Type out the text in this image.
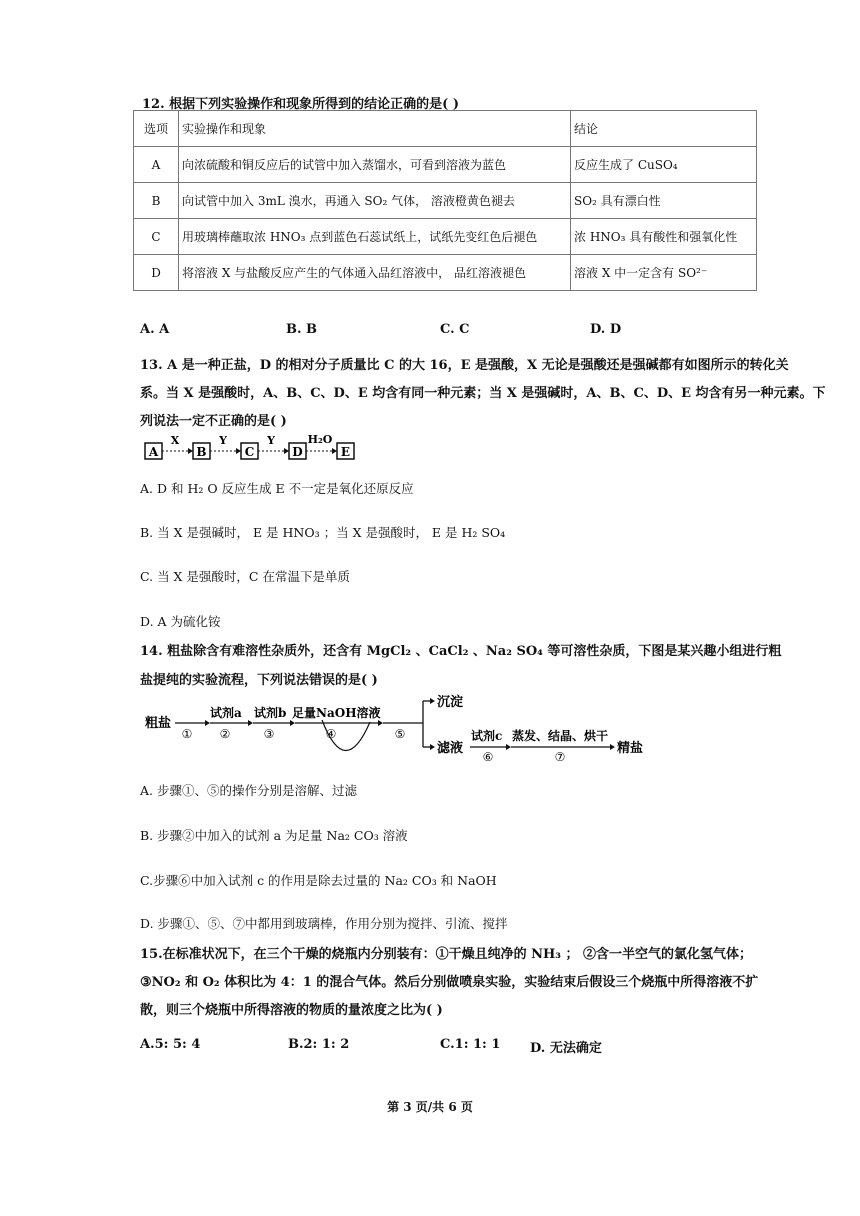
12. 根据下列实验操作和现象所得到的结论正确的是( )
选项	实验操作和现象	结论
A	向浓硫酸和铜反应后的试管中加入蒸馏水，可看到溶液为蓝色	反应生成了 CuSO₄
B	向试管中加入 3mL 溴水，再通入 SO₂ 气体， 溶液橙黄色褪去	SO₂ 具有漂白性
C	用玻璃棒蘸取浓 HNO₃ 点到蓝色石蕊试纸上，试纸先变红色后褪色	浓 HNO₃ 具有酸性和强氧化性
D	将溶液 X 与盐酸反应产生的气体通入品红溶液中， 品红溶液褪色	溶液 X 中一定含有 SO²⁻
A. A	B. B	C. C	D. D
13. A 是一种正盐，D 的相对分子质量比 C 的大 16，E 是强酸，X 无论是强酸还是强碱都有如图所示的转化关
系。当 X 是强酸时，A、B、C、D、E 均含有同一种元素；当 X 是强碱时，A、B、C、D、E 均含有另一种元素。下
列说法一定不正确的是( )
A
X
B
Y
C
Y
D
H₂O
E
A. D 和 H₂ O 反应生成 E 不一定是氧化还原反应
B. 当 X 是强碱时， E 是 HNO₃ ；当 X 是强酸时， E 是 H₂ SO₄
C. 当 X 是强酸时，C 在常温下是单质
D. A 为硫化铵
14. 粗盐除含有难溶性杂质外，还含有 MgCl₂ 、CaCl₂ 、Na₂ SO₄ 等可溶性杂质，下图是某兴趣小组进行粗
盐提纯的实验流程，下列说法错误的是( )
粗盐
①
试剂a
②
试剂b
③
足量NaOH溶液
④	⑤
沉淀
滤液
试剂c
⑥
蒸发、结晶、烘干
⑦
精盐
A. 步骤①、⑤的操作分别是溶解、过滤
B. 步骤②中加入的试剂 a 为足量 Na₂ CO₃ 溶液
C.步骤⑥中加入试剂 c 的作用是除去过量的 Na₂ CO₃ 和 NaOH
D. 步骤①、⑤、⑦中都用到玻璃棒，作用分别为搅拌、引流、搅拌
15.在标准状况下，在三个干燥的烧瓶内分别装有：①干燥且纯净的 NH₃ ； ②含一半空气的氯化氢气体；
③NO₂ 和 O₂ 体积比为 4：1 的混合气体。然后分别做喷泉实验，实验结束后假设三个烧瓶中所得溶液不扩
散，则三个烧瓶中所得溶液的物质的量浓度之比为( )
A.5: 5: 4	B.2: 1: 2	C.1: 1: 1 D. 无法确定
第 3 页/共 6 页
